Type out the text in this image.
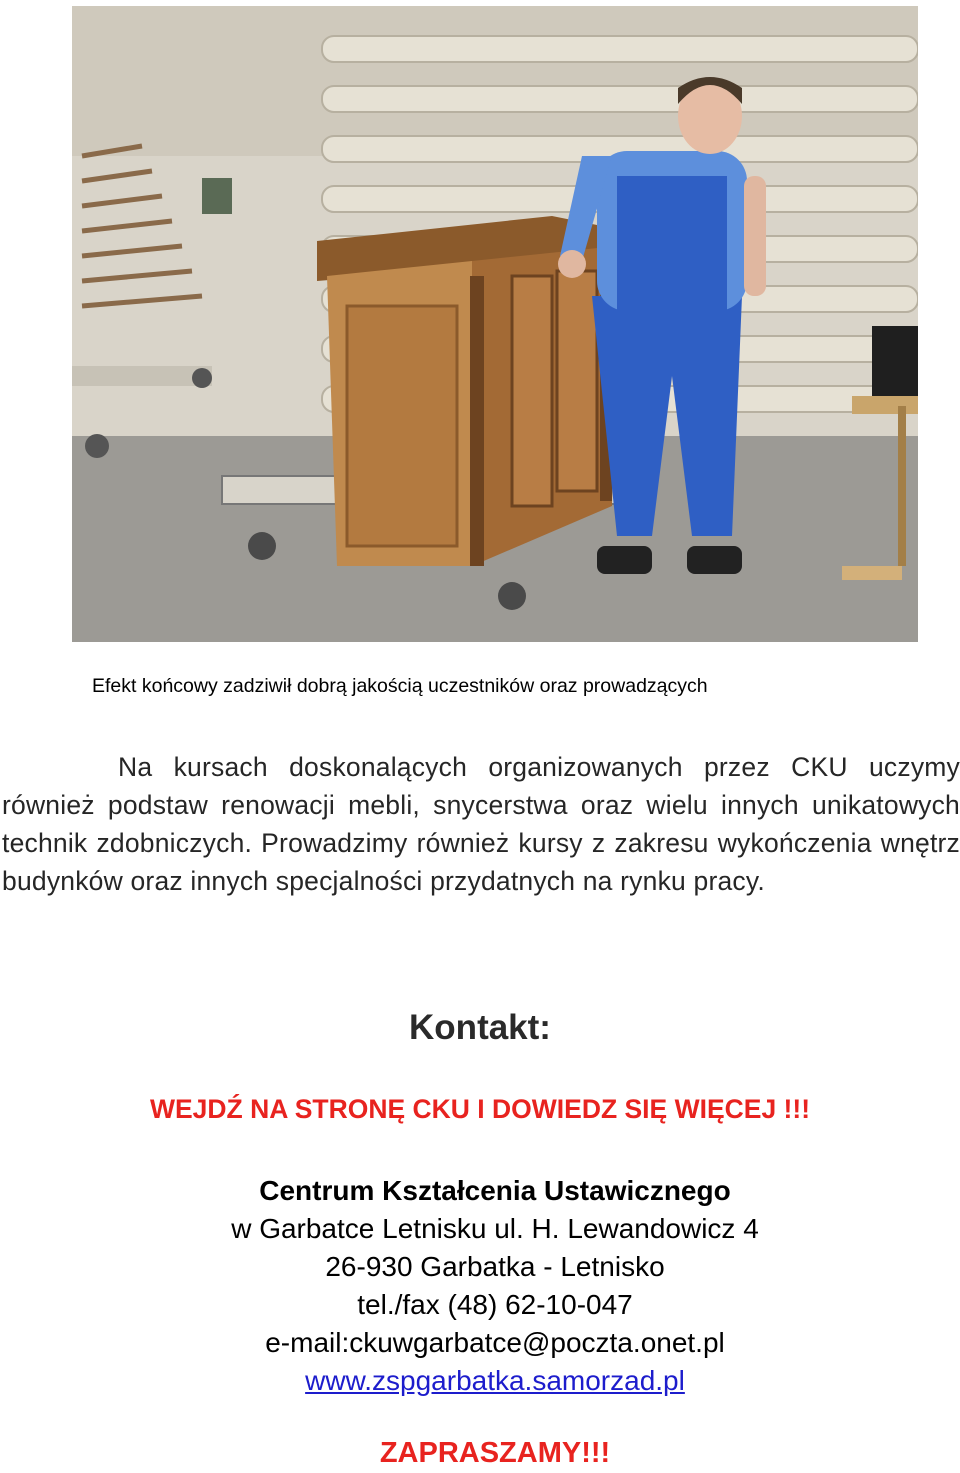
Efekt końcowy zadziwił dobrą jakością uczestników oraz prowadzących
Na kursach doskonalących organizowanych przez CKU uczymy również podstaw renowacji mebli, snycerstwa oraz wielu innych unikatowych technik zdobniczych. Prowadzimy również kursy z zakresu wykończenia wnętrz budynków oraz innych specjalności przydatnych na rynku pracy.
Kontakt:
WEJDŹ NA STRONĘ CKU I DOWIEDZ SIĘ WIĘCEJ !!!
Centrum Kształcenia Ustawicznego
w Garbatce Letnisku ul. H. Lewandowicz 4
26-930 Garbatka - Letnisko
tel./fax (48) 62-10-047
e-mail:ckuwgarbatce@poczta.onet.pl
www.zspgarbatka.samorzad.pl
ZAPRASZAMY!!!
